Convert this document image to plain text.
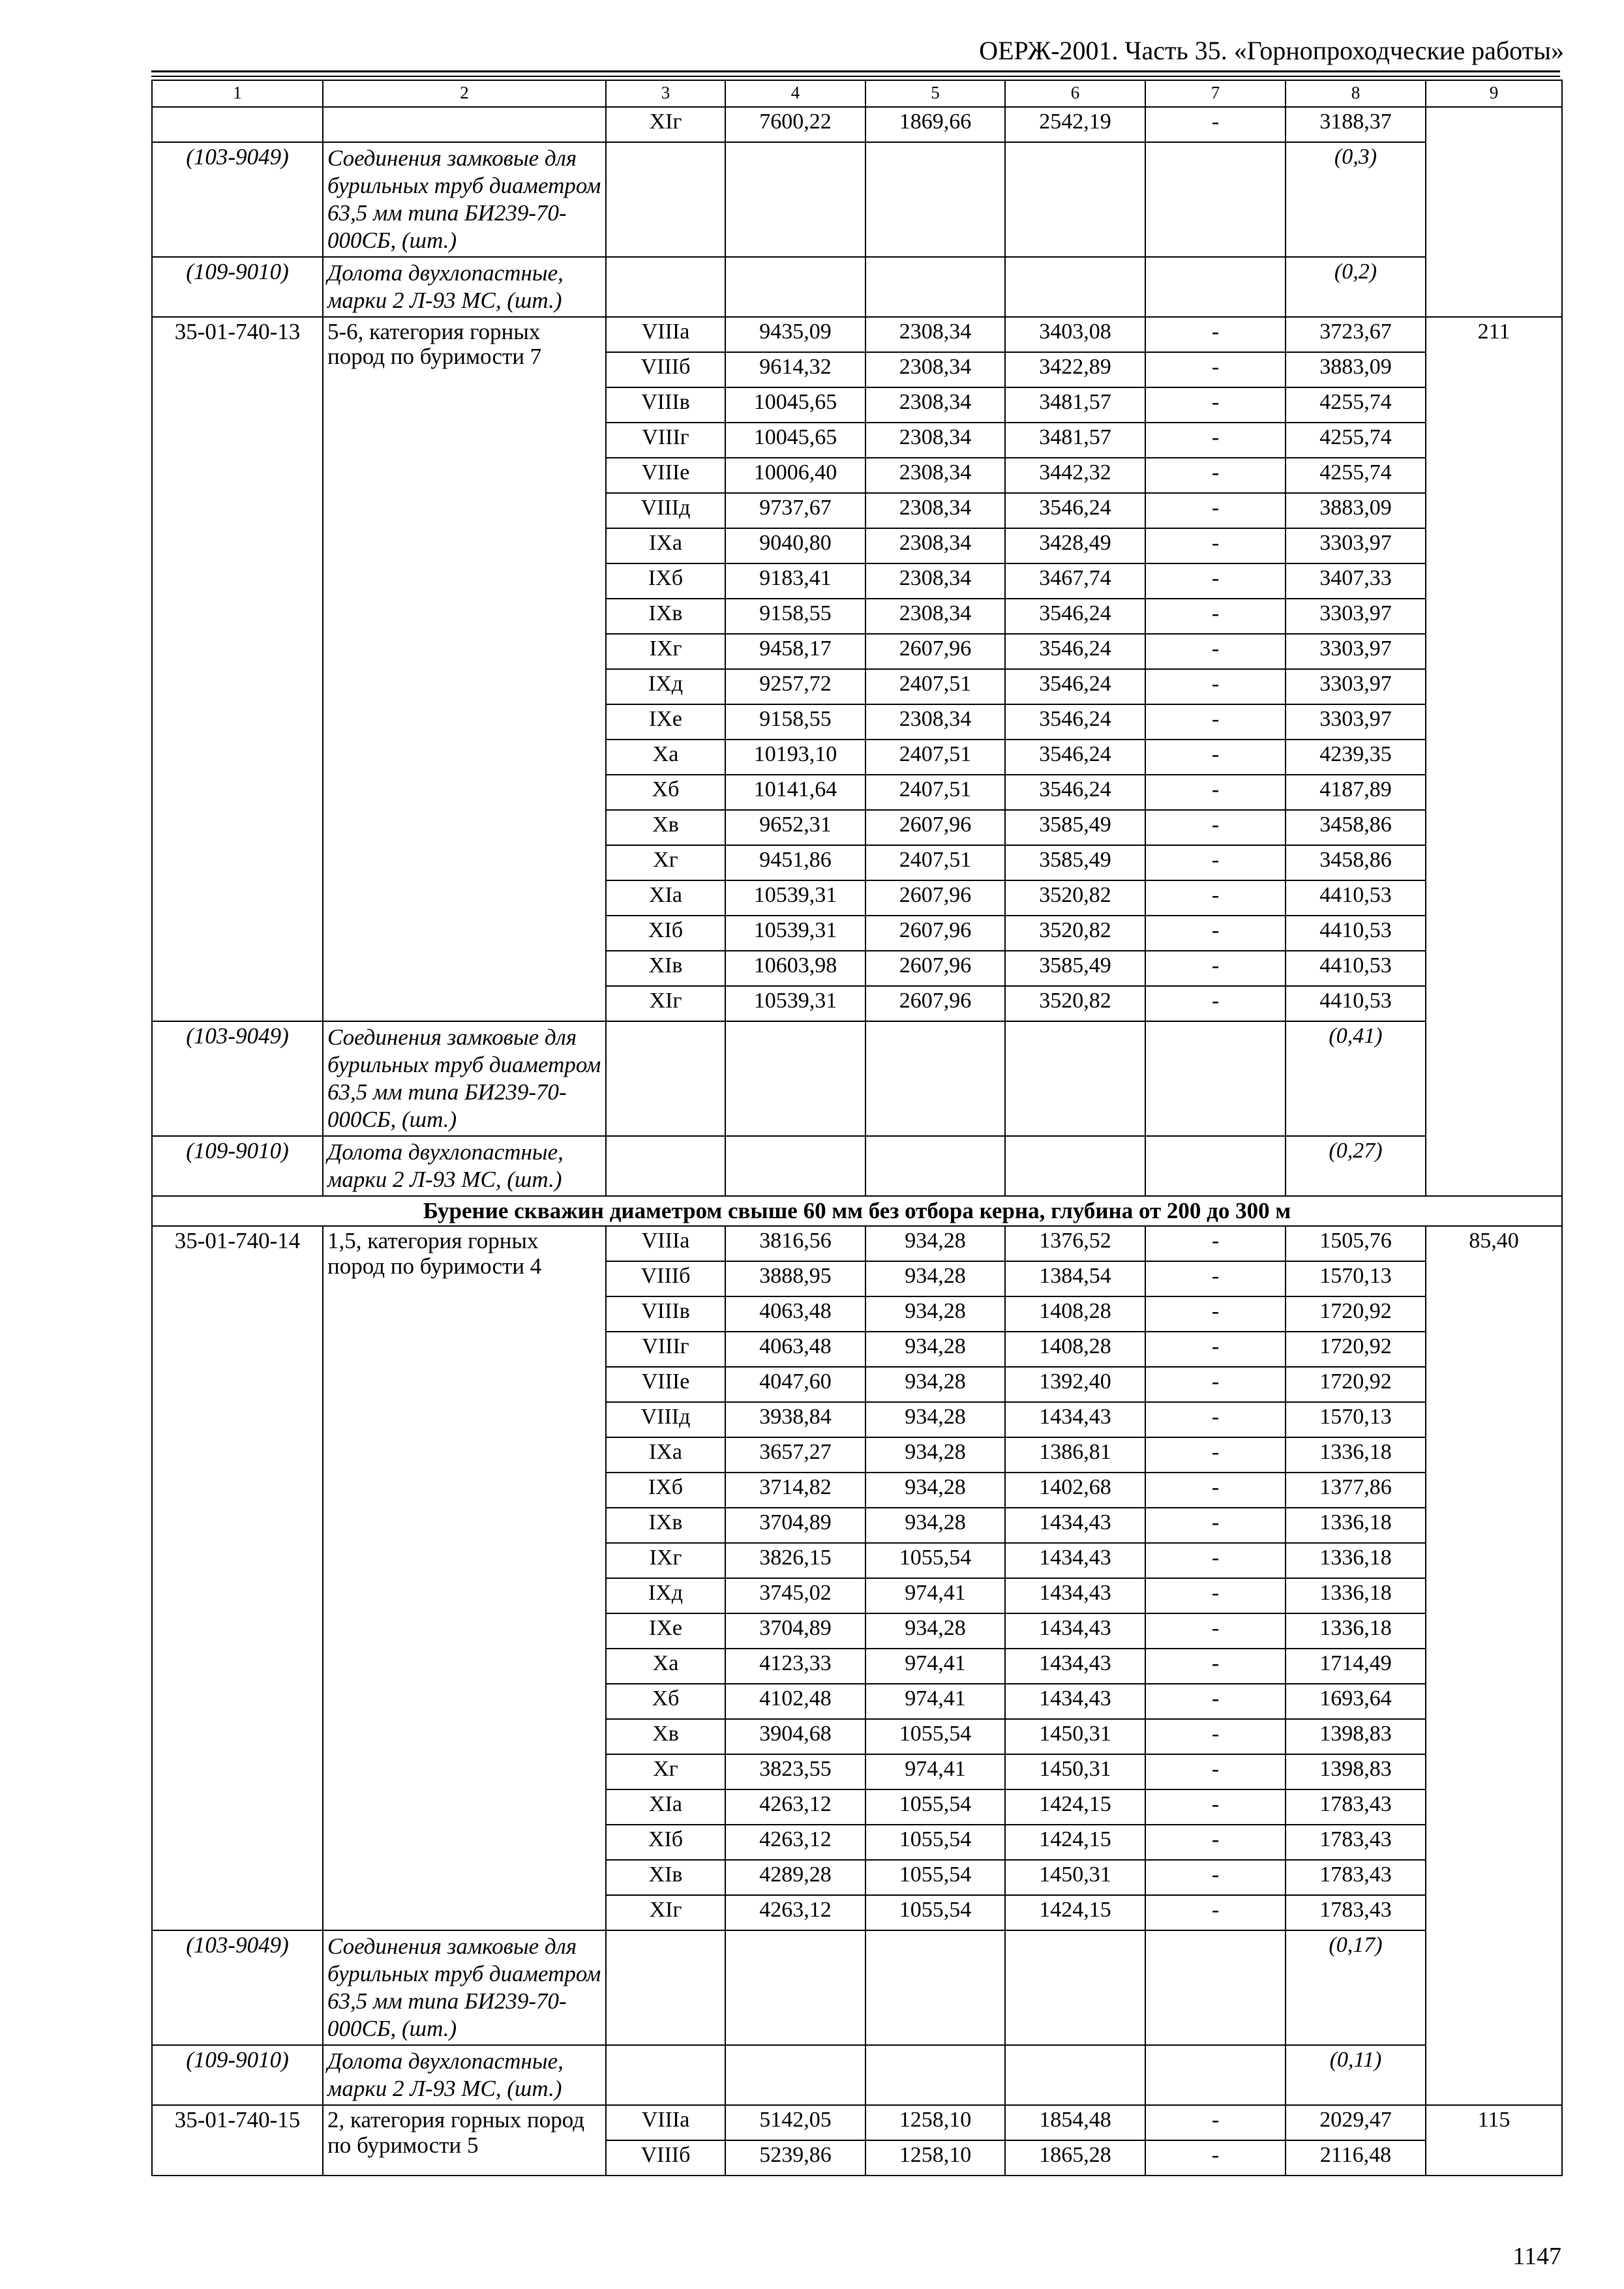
ОЕРЖ-2001. Часть 35. «Горнопроходческие работы»
1	2	3	4	5	6	7	8	9
		XIг	7600,22	1869,66	2542,19	-	3188,37	
(103-9049)	Соединения замковые для бурильных труб диаметром 63,5 мм типа БИ239-70-000СБ, (шт.)						(0,3)	
(109-9010)	Долота двухлопастные, марки 2 Л-93 МС, (шт.)						(0,2)	
35-01-740-13	5-6, категория горных пород по буримости 7	VIIIа	9435,09	2308,34	3403,08	-	3723,67	211
		VIIIб	9614,32	2308,34	3422,89	-	3883,09	
		VIIIв	10045,65	2308,34	3481,57	-	4255,74	
		VIIIг	10045,65	2308,34	3481,57	-	4255,74	
		VIIIе	10006,40	2308,34	3442,32	-	4255,74	
		VIIIд	9737,67	2308,34	3546,24	-	3883,09	
		IXа	9040,80	2308,34	3428,49	-	3303,97	
		IXб	9183,41	2308,34	3467,74	-	3407,33	
		IXв	9158,55	2308,34	3546,24	-	3303,97	
		IXг	9458,17	2607,96	3546,24	-	3303,97	
		IXд	9257,72	2407,51	3546,24	-	3303,97	
		IXе	9158,55	2308,34	3546,24	-	3303,97	
		Xа	10193,10	2407,51	3546,24	-	4239,35	
		Xб	10141,64	2407,51	3546,24	-	4187,89	
		Xв	9652,31	2607,96	3585,49	-	3458,86	
		Xг	9451,86	2407,51	3585,49	-	3458,86	
		XIа	10539,31	2607,96	3520,82	-	4410,53	
		XIб	10539,31	2607,96	3520,82	-	4410,53	
		XIв	10603,98	2607,96	3585,49	-	4410,53	
		XIг	10539,31	2607,96	3520,82	-	4410,53	
(103-9049)	Соединения замковые для бурильных труб диаметром 63,5 мм типа БИ239-70-000СБ, (шт.)						(0,41)	
(109-9010)	Долота двухлопастные, марки 2 Л-93 МС, (шт.)						(0,27)	
Бурение скважин диаметром свыше 60 мм без отбора керна, глубина от 200 до 300 м								
35-01-740-14	1,5, категория горных пород по буримости 4	VIIIа	3816,56	934,28	1376,52	-	1505,76	85,40
		VIIIб	3888,95	934,28	1384,54	-	1570,13	
		VIIIв	4063,48	934,28	1408,28	-	1720,92	
		VIIIг	4063,48	934,28	1408,28	-	1720,92	
		VIIIе	4047,60	934,28	1392,40	-	1720,92	
		VIIIд	3938,84	934,28	1434,43	-	1570,13	
		IXа	3657,27	934,28	1386,81	-	1336,18	
		IXб	3714,82	934,28	1402,68	-	1377,86	
		IXв	3704,89	934,28	1434,43	-	1336,18	
		IXг	3826,15	1055,54	1434,43	-	1336,18	
		IXд	3745,02	974,41	1434,43	-	1336,18	
		IXе	3704,89	934,28	1434,43	-	1336,18	
		Xа	4123,33	974,41	1434,43	-	1714,49	
		Xб	4102,48	974,41	1434,43	-	1693,64	
		Xв	3904,68	1055,54	1450,31	-	1398,83	
		Xг	3823,55	974,41	1450,31	-	1398,83	
		XIа	4263,12	1055,54	1424,15	-	1783,43	
		XIб	4263,12	1055,54	1424,15	-	1783,43	
		XIв	4289,28	1055,54	1450,31	-	1783,43	
		XIг	4263,12	1055,54	1424,15	-	1783,43	
(103-9049)	Соединения замковые для бурильных труб диаметром 63,5 мм типа БИ239-70-000СБ, (шт.)						(0,17)	
(109-9010)	Долота двухлопастные, марки 2 Л-93 МС, (шт.)						(0,11)	
35-01-740-15	2, категория горных пород по буримости 5	VIIIа	5142,05	1258,10	1854,48	-	2029,47	115
		VIIIб	5239,86	1258,10	1865,28	-	2116,48	
1147
